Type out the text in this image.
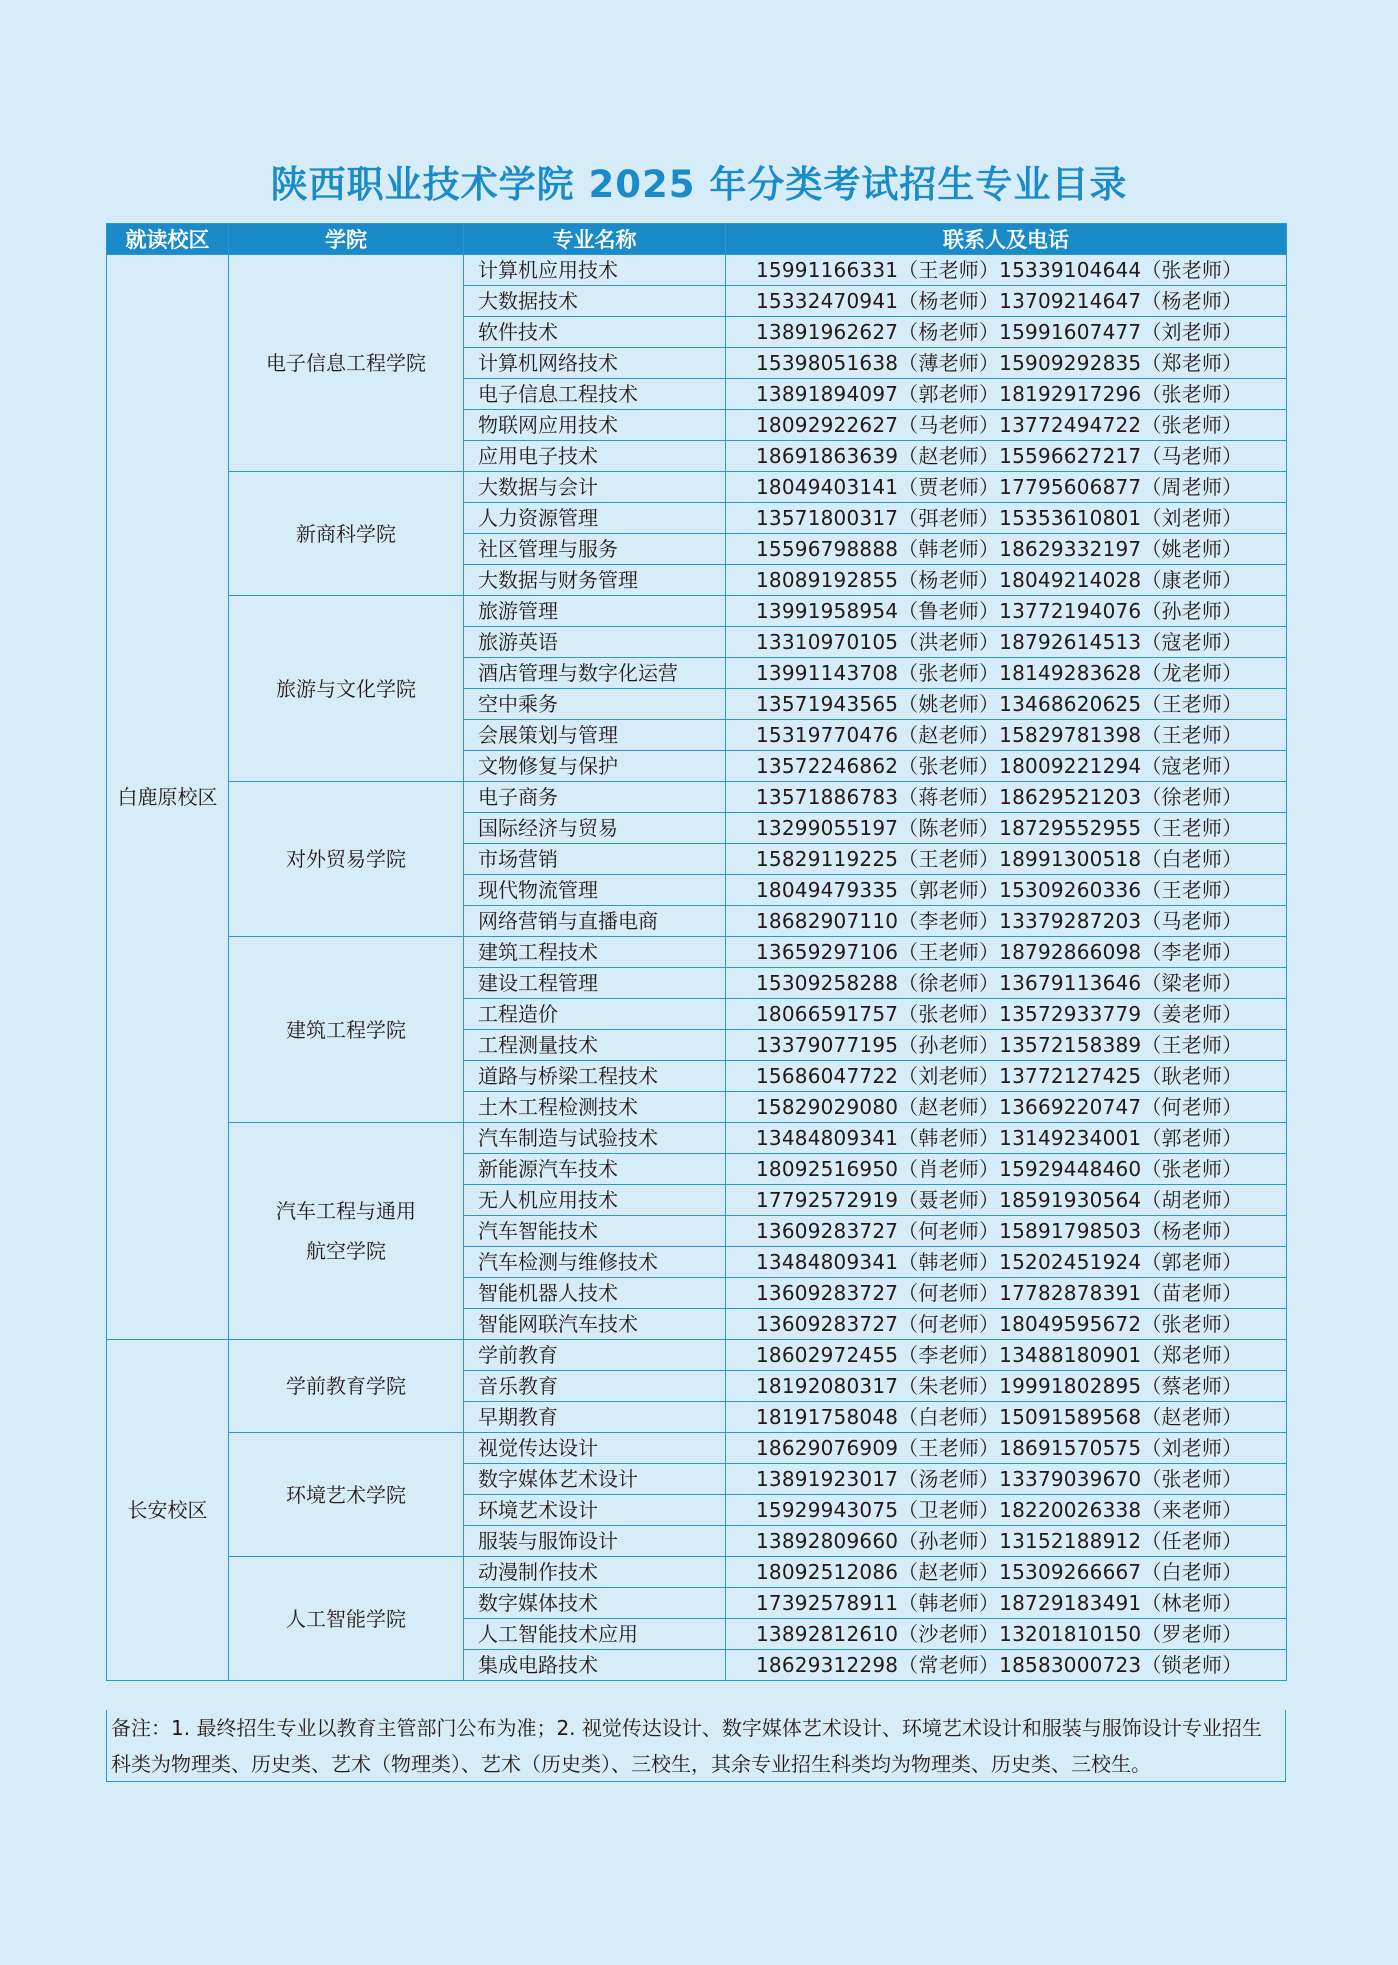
陕西职业技术学院 2025 年分类考试招生专业目录
就读校区	学院	专业名称	联系人及电话
白鹿原校区	电子信息工程学院	计算机应用技术	15991166331（王老师）15339104644（张老师）
		大数据技术	15332470941（杨老师）13709214647（杨老师）
		软件技术	13891962627（杨老师）15991607477（刘老师）
		计算机网络技术	15398051638（薄老师）15909292835（郑老师）
		电子信息工程技术	13891894097（郭老师）18192917296（张老师）
		物联网应用技术	18092922627（马老师）13772494722（张老师）
		应用电子技术	18691863639（赵老师）15596627217（马老师）
	新商科学院	大数据与会计	18049403141（贾老师）17795606877（周老师）
		人力资源管理	13571800317（弭老师）15353610801（刘老师）
		社区管理与服务	15596798888（韩老师）18629332197（姚老师）
		大数据与财务管理	18089192855（杨老师）18049214028（康老师）
	旅游与文化学院	旅游管理	13991958954（鲁老师）13772194076（孙老师）
		旅游英语	13310970105（洪老师）18792614513（寇老师）
		酒店管理与数字化运营	13991143708（张老师）18149283628（龙老师）
		空中乘务	13571943565（姚老师）13468620625（王老师）
		会展策划与管理	15319770476（赵老师）15829781398（王老师）
		文物修复与保护	13572246862（张老师）18009221294（寇老师）
	对外贸易学院	电子商务	13571886783（蒋老师）18629521203（徐老师）
		国际经济与贸易	13299055197（陈老师）18729552955（王老师）
		市场营销	15829119225（王老师）18991300518（白老师）
		现代物流管理	18049479335（郭老师）15309260336（王老师）
		网络营销与直播电商	18682907110（李老师）13379287203（马老师）
	建筑工程学院	建筑工程技术	13659297106（王老师）18792866098（李老师）
		建设工程管理	15309258288（徐老师）13679113646（梁老师）
		工程造价	18066591757（张老师）13572933779（姜老师）
		工程测量技术	13379077195（孙老师）13572158389（王老师）
		道路与桥梁工程技术	15686047722（刘老师）13772127425（耿老师）
		土木工程检测技术	15829029080（赵老师）13669220747（何老师）
	汽车工程与通用航空学院	汽车制造与试验技术	13484809341（韩老师）13149234001（郭老师）
		新能源汽车技术	18092516950（肖老师）15929448460（张老师）
		无人机应用技术	17792572919（聂老师）18591930564（胡老师）
		汽车智能技术	13609283727（何老师）15891798503（杨老师）
		汽车检测与维修技术	13484809341（韩老师）15202451924（郭老师）
		智能机器人技术	13609283727（何老师）17782878391（苗老师）
		智能网联汽车技术	13609283727（何老师）18049595672（张老师）
长安校区	学前教育学院	学前教育	18602972455（李老师）13488180901（郑老师）
		音乐教育	18192080317（朱老师）19991802895（蔡老师）
		早期教育	18191758048（白老师）15091589568（赵老师）
	环境艺术学院	视觉传达设计	18629076909（王老师）18691570575（刘老师）
		数字媒体艺术设计	13891923017（汤老师）13379039670（张老师）
		环境艺术设计	15929943075（卫老师）18220026338（来老师）
		服装与服饰设计	13892809660（孙老师）13152188912（任老师）
	人工智能学院	动漫制作技术	18092512086（赵老师）15309266667（白老师）
		数字媒体技术	17392578911（韩老师）18729183491（林老师）
		人工智能技术应用	13892812610（沙老师）13201810150（罗老师）
		集成电路技术	18629312298（常老师）18583000723（锁老师）
备注：1. 最终招生专业以教育主管部门公布为准；2. 视觉传达设计、数字媒体艺术设计、环境艺术设计和服装与服饰设计专业招生科类为物理类、历史类、艺术（物理类）、艺术（历史类）、三校生，其余专业招生科类均为物理类、历史类、三校生。
